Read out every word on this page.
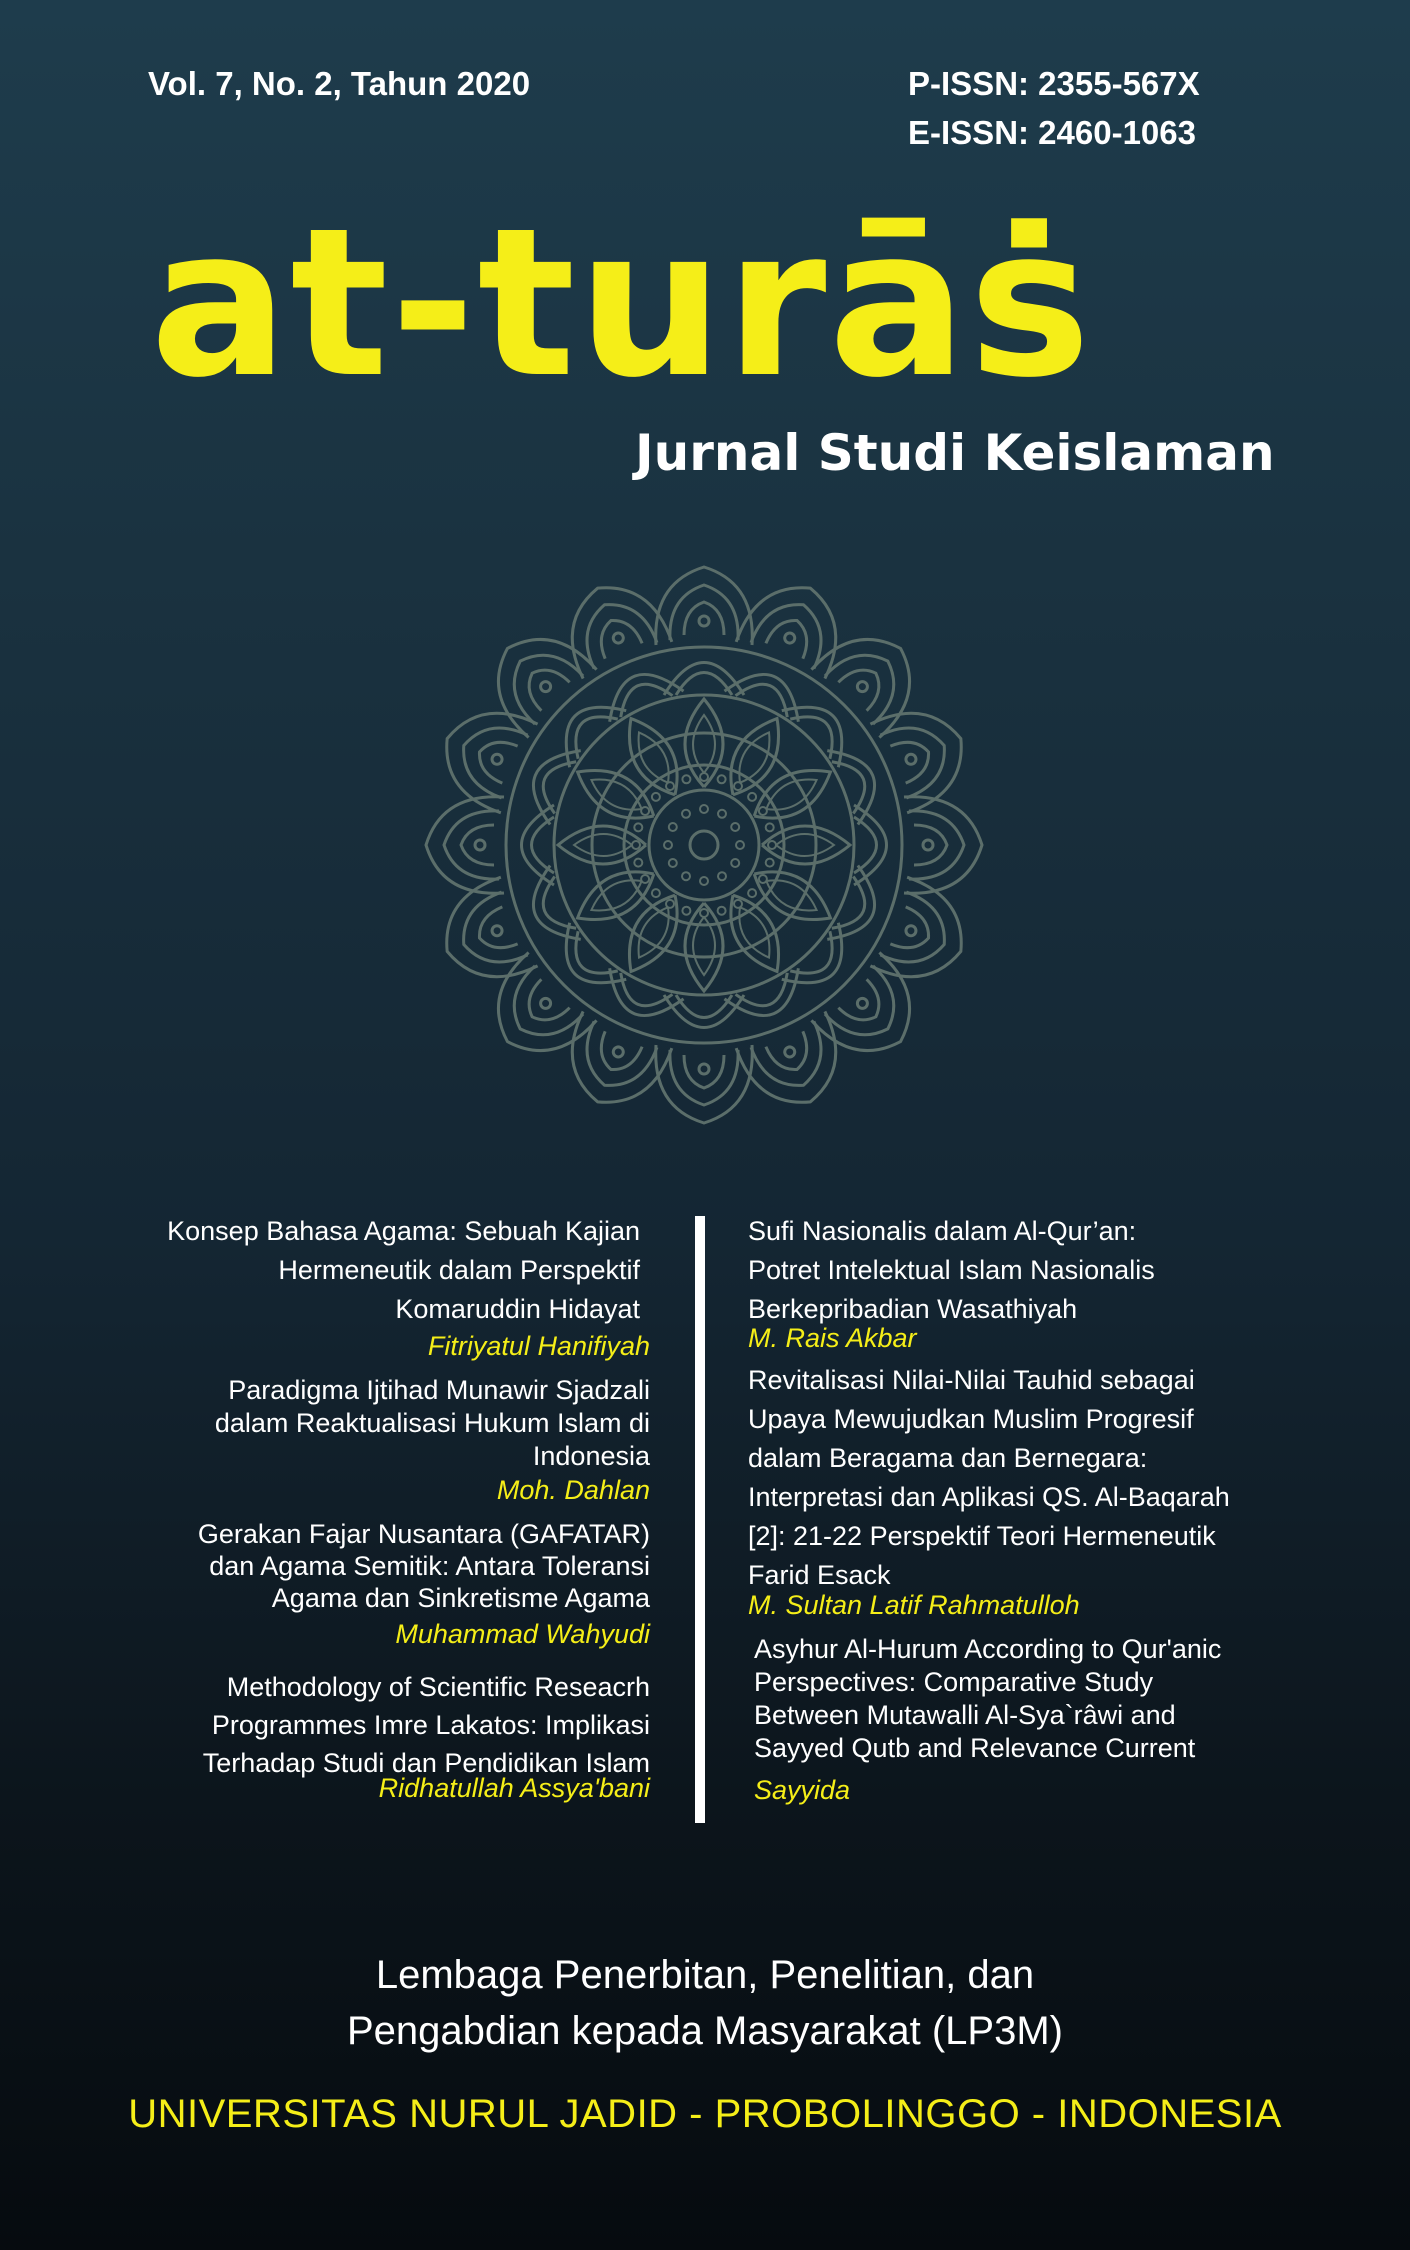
Vol. 7, No. 2, Tahun 2020	P-ISSN: 2355-567X
E-ISSN: 2460-1063
at-turāṡ
Jurnal Studi Keislaman
Konsep Bahasa Agama: Sebuah Kajian
Hermeneutik dalam Perspektif
Komaruddin Hidayat
Fitriyatul Hanifiyah
Paradigma Ijtihad Munawir Sjadzali
dalam Reaktualisasi Hukum Islam di
Indonesia
Moh. Dahlan
Gerakan Fajar Nusantara (GAFATAR)
dan Agama Semitik: Antara Toleransi
Agama dan Sinkretisme Agama
Muhammad Wahyudi
Methodology of Scientific Reseacrh
Programmes Imre Lakatos: Implikasi
Terhadap Studi dan Pendidikan Islam
Ridhatullah Assya'bani
Sufi Nasionalis dalam Al-Qur’an:
Potret Intelektual Islam Nasionalis
Berkepribadian Wasathiyah
M. Rais Akbar
Revitalisasi Nilai-Nilai Tauhid sebagai
Upaya Mewujudkan Muslim Progresif
dalam Beragama dan Bernegara:
Interpretasi dan Aplikasi QS. Al-Baqarah
[2]: 21-22 Perspektif Teori Hermeneutik
Farid Esack
M. Sultan Latif Rahmatulloh
Asyhur Al-Hurum According to Qur'anic
Perspectives: Comparative Study
Between Mutawalli Al-Sya`râwi and
Sayyed Qutb and Relevance Current
Sayyida
Lembaga Penerbitan, Penelitian, dan
Pengabdian kepada Masyarakat (LP3M)
UNIVERSITAS NURUL JADID - PROBOLINGGO - INDONESIA
